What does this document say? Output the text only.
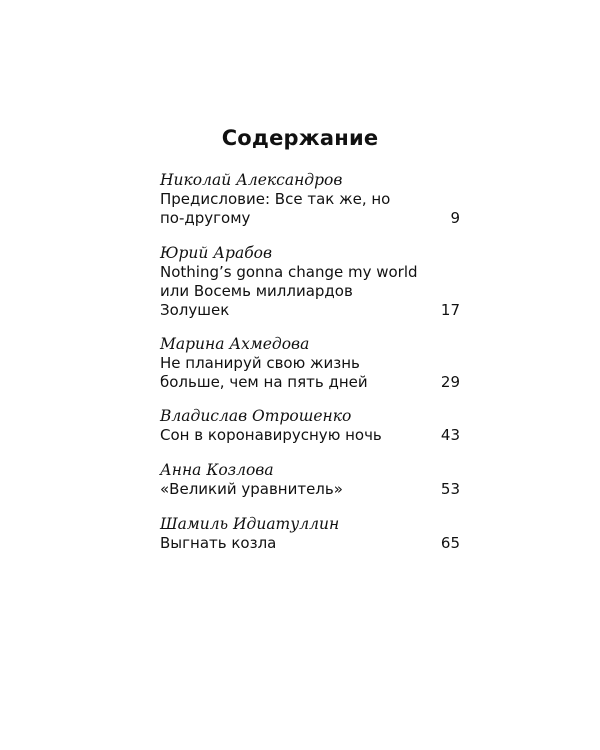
Содержание
Николай Александров
Предисловие: Все так же, но
по-другому	9
Юрий Арабов
Nothing’s gonna change my world
или Восемь миллиардов
Золушек	17
Марина Ахмедова
Не планируй свою жизнь
больше, чем на пять дней	29
Владислав Отрошенко
Сон в коронавирусную ночь	43
Анна Козлова
«Великий уравнитель»	53
Шамиль Идиатуллин
Выгнать козла	65
